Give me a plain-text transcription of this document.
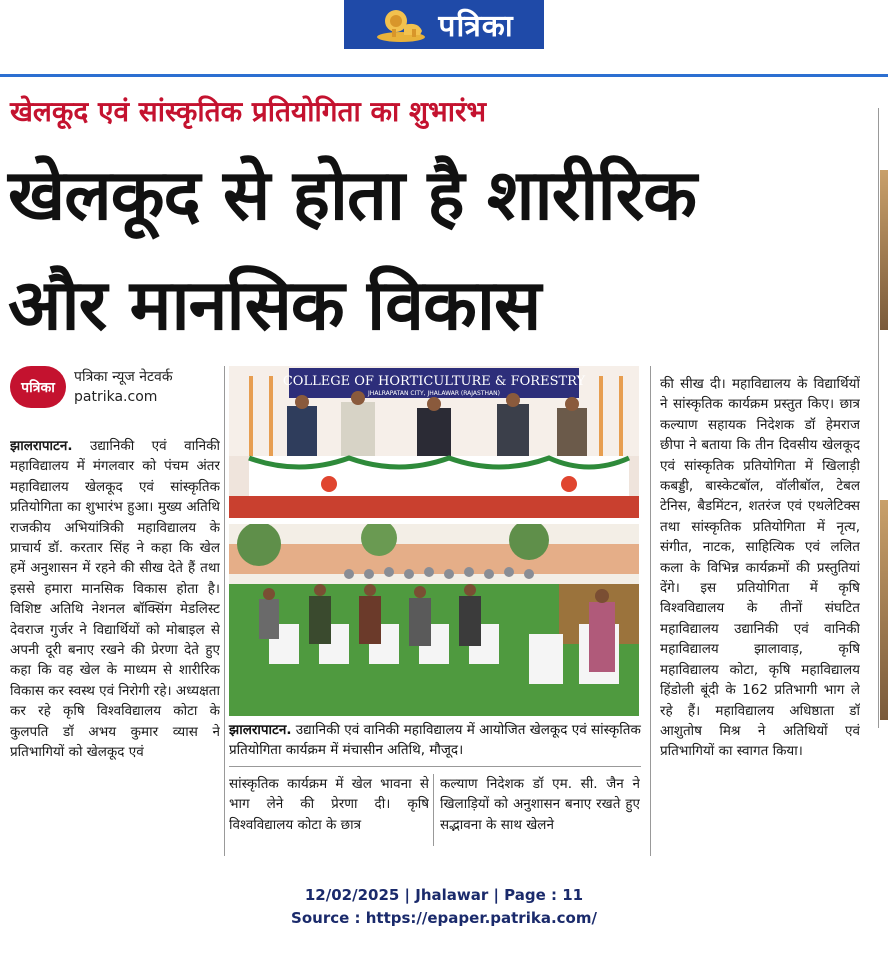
पत्रिका
खेलकूद एवं सांस्कृतिक प्रतियोगिता का शुभारंभ
खेलकूद से होता है शारीरिक
और मानसिक विकास
पत्रिका
पत्रिका न्यूज नेटवर्क
patrika.com
झालरापाटन. उद्यानिकी एवं वानिकी महाविद्यालय में मंगलवार को पंचम अंतर महाविद्यालय खेलकूद एवं सांस्कृतिक प्रतियोगिता का शुभारंभ हुआ। मुख्य अतिथि राजकीय अभियांत्रिकी महाविद्यालय के प्राचार्य डॉ. करतार सिंह ने कहा कि खेल हमें अनुशासन में रहने की सीख देते हैं तथा इससे हमारा मानसिक विकास होता है। विशिष्ट अतिथि नेशनल बॉक्सिंग मेडलिस्ट देवराज गुर्जर ने विद्यार्थियों को मोबाइल से अपनी दूरी बनाए रखने की प्रेरणा देते हुए कहा कि वह खेल के माध्यम से शारीरिक विकास कर स्वस्थ एवं निरोगी रहे। अध्यक्षता कर रहे कृषि विश्वविद्यालय कोटा के कुलपति डॉ अभय कुमार व्यास ने प्रतिभागियों को खेलकूद एवं
COLLEGE OF HORTICULTURE & FORESTRY
JHALRAPATAN CITY, JHALAWAR (RAJASTHAN)
झालरापाटन. उद्यानिकी एवं वानिकी महाविद्यालय में आयोजित खेलकूद एवं सांस्कृतिक प्रतियोगिता कार्यक्रम में मंचासीन अतिथि, मौजूद।
सांस्कृतिक कार्यक्रम में खेल भावना से भाग लेने की प्रेरणा दी। कृषि विश्वविद्यालय कोटा के छात्र
कल्याण निदेशक डॉ एम. सी. जैन ने खिलाड़ियों को अनुशासन बनाए रखते हुए सद्भावना के साथ खेलने
की सीख दी। महाविद्यालय के विद्यार्थियों ने सांस्कृतिक कार्यक्रम प्रस्तुत किए। छात्र कल्याण सहायक निदेशक डॉ हेमराज छीपा ने बताया कि तीन दिवसीय खेलकूद एवं सांस्कृतिक प्रतियोगिता में खिलाड़ी कबड्डी, बास्केटबॉल, वॉलीबॉल, टेबल टेनिस, बैडमिंटन, शतरंज एवं एथलेटिक्स तथा सांस्कृतिक प्रतियोगिता में नृत्य, संगीत, नाटक, साहित्यिक एवं ललित कला के विभिन्न कार्यक्रमों की प्रस्तुतियां देंगे। इस प्रतियोगिता में कृषि विश्वविद्यालय के तीनों संघटित महाविद्यालय उद्यानिकी एवं वानिकी महाविद्यालय झालावाड़, कृषि महाविद्यालय कोटा, कृषि महाविद्यालय हिंडोली बूंदी के 162 प्रतिभागी भाग ले रहे हैं। महाविद्यालय अधिष्ठाता डॉ आशुतोष मिश्र ने अतिथियों एवं प्रतिभागियों का स्वागत किया।
12/02/2025 | Jhalawar | Page : 11
Source : https://epaper.patrika.com/
